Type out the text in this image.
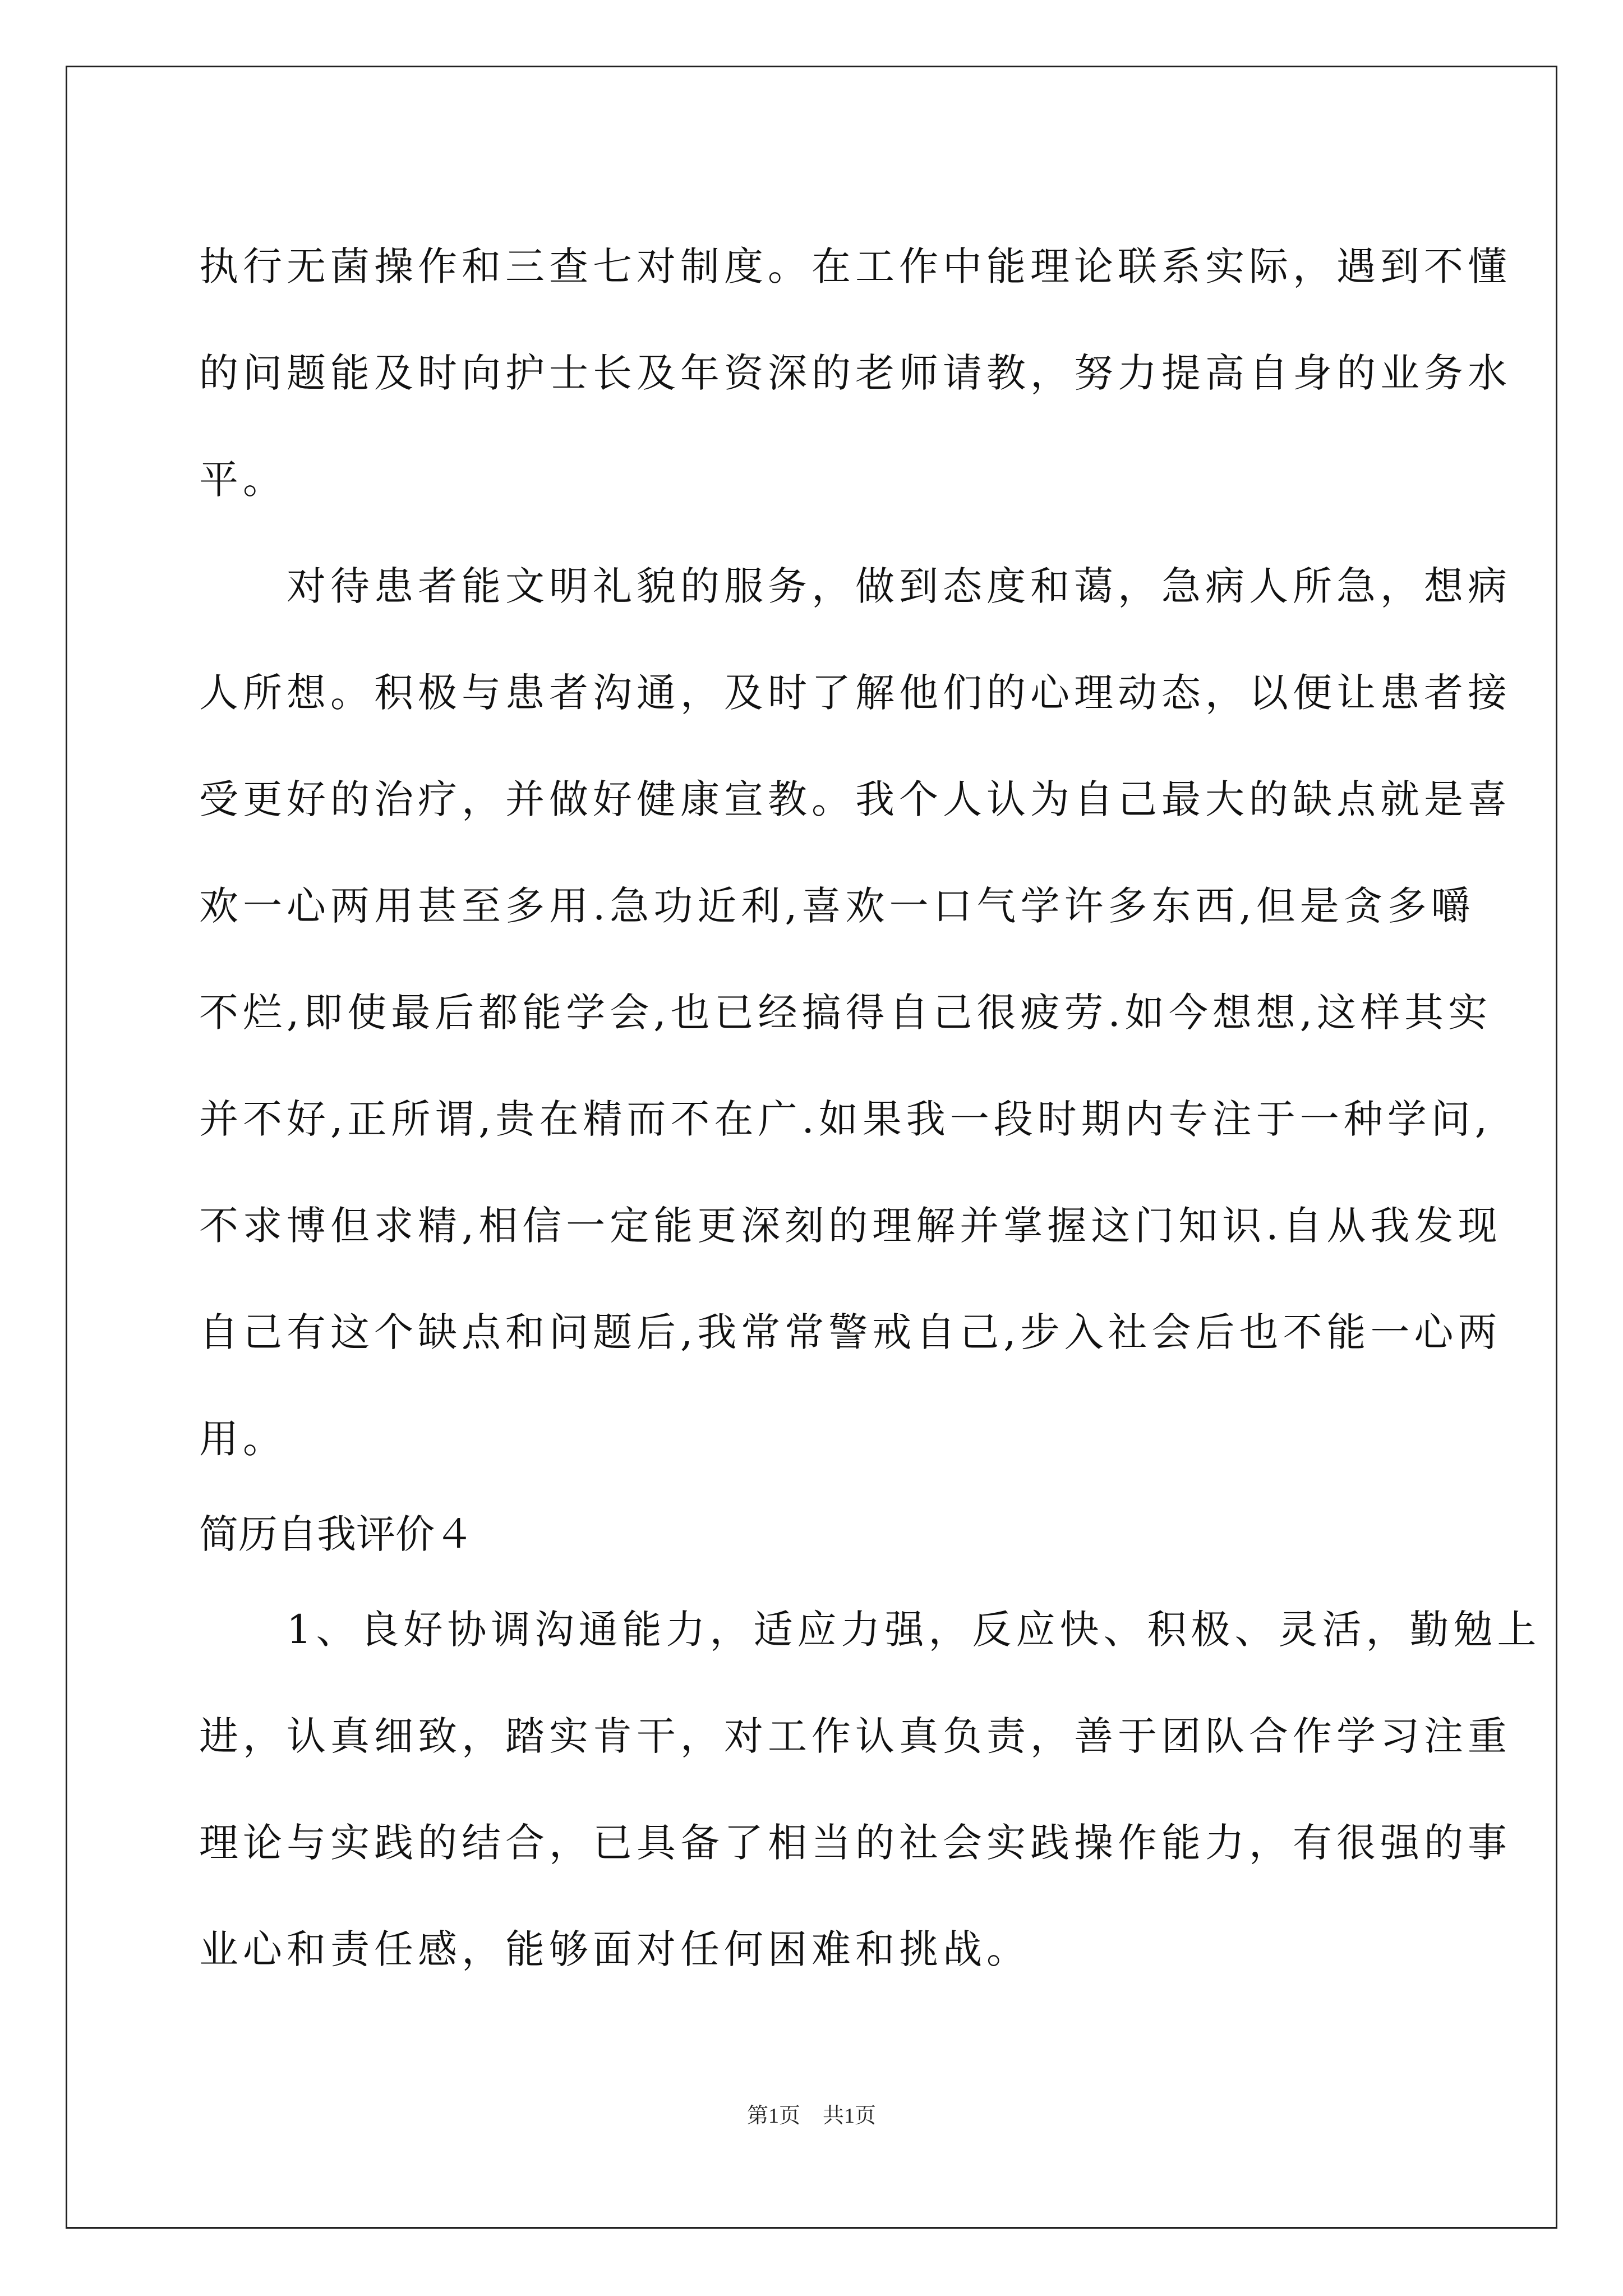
执行无菌操作和三查七对制度。在工作中能理论联系实际，遇到不懂
的问题能及时向护士长及年资深的老师请教，努力提高自身的业务水
平。
　　对待患者能文明礼貌的服务，做到态度和蔼，急病人所急，想病
人所想。积极与患者沟通，及时了解他们的心理动态，以便让患者接
受更好的治疗，并做好健康宣教。我个人认为自己最大的缺点就是喜
欢一心两用甚至多用.急功近利,喜欢一口气学许多东西,但是贪多嚼
不烂,即使最后都能学会,也已经搞得自己很疲劳.如今想想,这样其实
并不好,正所谓,贵在精而不在广.如果我一段时期内专注于一种学问,
不求博但求精,相信一定能更深刻的理解并掌握这门知识.自从我发现
自己有这个缺点和问题后,我常常警戒自己,步入社会后也不能一心两
用。
简历自我评价４
　　1、良好协调沟通能力，适应力强，反应快、积极、灵活，勤勉上
进，认真细致，踏实肯干，对工作认真负责，善于团队合作学习注重
理论与实践的结合，已具备了相当的社会实践操作能力，有很强的事
业心和责任感，能够面对任何困难和挑战。
第1页 共1页
